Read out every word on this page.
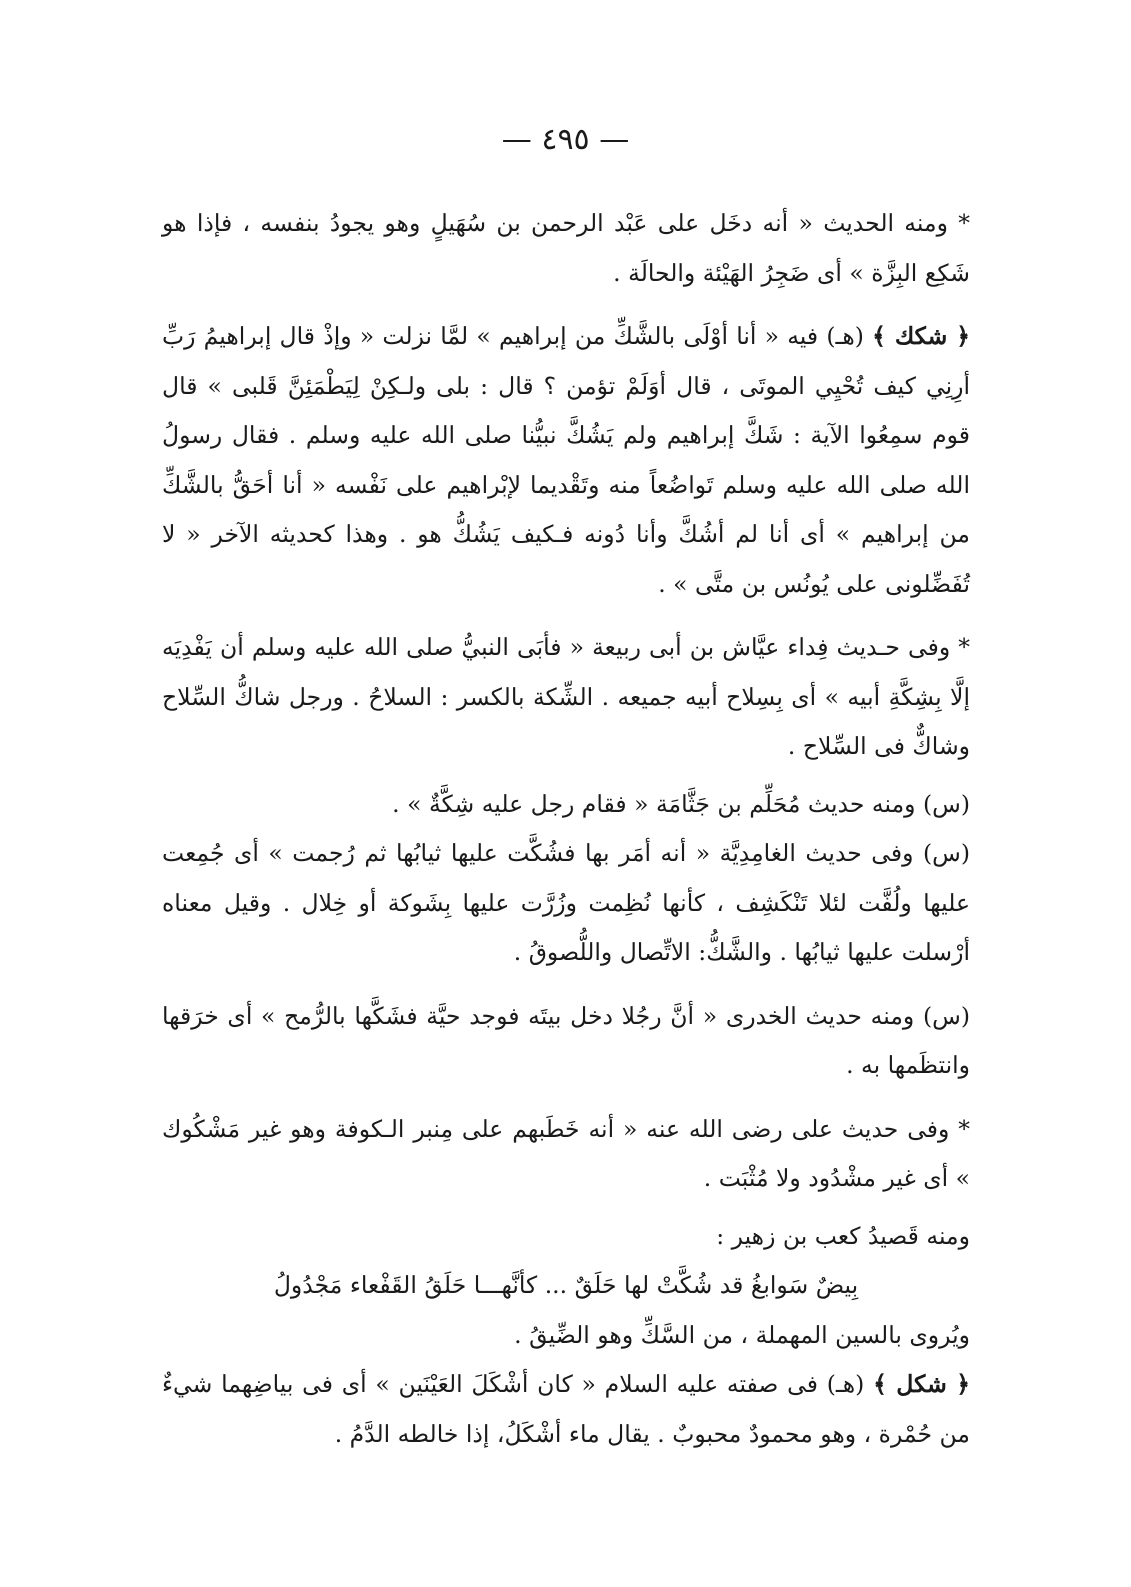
— ٤٩٥ —

* ومنه الحديث « أنه دخَل على عَبْد الرحمن بن سُهَيلٍ وهو يجودُ بنفسه ، فإذا هو شَكِع البِزَّة » أى ضَجِرُ الهَيْئة والحالَة .

﴿ شكك ﴾ (هـ) فيه « أنا أوْلَى بالشَّكِّ من إبراهيم » لمَّا نزلت « وإذْ قال إبراهيمُ رَبِّ أرِنِي كيف تُحْيِي الموتَى ، قال أوَلَمْ تؤمن ؟ قال : بلى ولـكِنْ لِيَطْمَئِنَّ قَلبى » قال قوم سمِعُوا الآية : شَكَّ إبراهيم ولم يَشُكَّ نبيُّنا صلى الله عليه وسلم . فقال رسولُ الله صلى الله عليه وسلم تَواضُعاً منه وتَقْديما لإبْراهيم على نَفْسه « أنا أحَقُّ بالشَّكِّ من إبراهيم » أى أنا لم أشُكَّ وأنا دُونه فـكيف يَشُكُّ هو . وهذا كحديثه الآخر « لا تُفَضِّلونى على يُونُس بن متَّى » .

* وفى حـديث فِداء عيَّاش بن أبى ربيعة « فأبَى النبيُّ صلى الله عليه وسلم أن يَفْدِيَه إلَّا بِشِكَّةِ أبيه » أى بِسِلاح أبيه جميعه . الشِّكة بالكسر : السلاحُ . ورجل شاكُّ السِّلاح وشاكٌّ فى السِّلاح .

(س) ومنه حديث مُحَلِّم بن جَثَّامَة « فقام رجل عليه شِكَّةٌ » .

(س) وفى حديث الغامِدِيَّة « أنه أمَر بها فشُكَّت عليها ثيابُها ثم رُجمت » أى جُمِعت عليها ولُفَّت لئلا تَنْكَشِف ، كأنها نُظِمت وزُرَّت عليها بِشَوكة أو خِلال . وقيل معناه أرْسلت عليها ثيابُها . والشَّكُّ: الاتِّصال واللُّصوقُ .

(س) ومنه حديث الخدرى « أنَّ رجُلا دخل بيتَه فوجد حيَّة فشَكَّها بالرُّمح » أى خرَقها وانتظَمها به .

* وفى حديث على رضى الله عنه « أنه خَطَبهم على مِنبر الـكوفة وهو غير مَشْكُوك » أى غير مشْدُود ولا مُثْبَت .

ومنه قَصيدُ كعب بن زهير :

بِيضٌ سَوابغُ قد شُكَّتْ لها حَلَقٌ ... كأنَّهـــا حَلَقُ القَفْعاء مَجْدُولُ

ويُروى بالسين المهملة ، من السَّكِّ وهو الضِّيقُ .

﴿ شكل ﴾ (هـ) فى صفته عليه السلام « كان أشْكَلَ العَيْنَين » أى فى بياضِهما شيءٌ من حُمْرة ، وهو محمودٌ محبوبٌ . يقال ماء أشْكَلُ، إذا خالطه الدَّمُ .
